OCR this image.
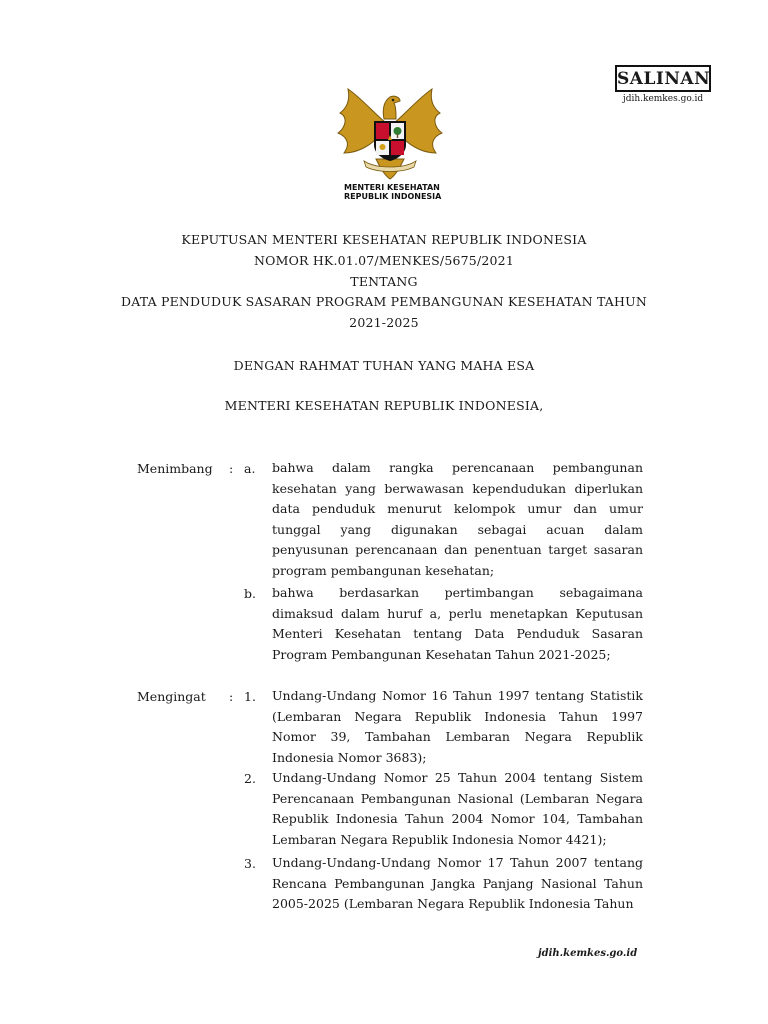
SALINAN
jdih.kemkes.go.id
MENTERI KESEHATAN
REPUBLIK INDONESIA
KEPUTUSAN MENTERI KESEHATAN REPUBLIK INDONESIA
NOMOR HK.01.07/MENKES/5675/2021
TENTANG
DATA PENDUDUK SASARAN PROGRAM PEMBANGUNAN KESEHATAN TAHUN
2021-2025
DENGAN RAHMAT TUHAN YANG MAHA ESA
MENTERI KESEHATAN REPUBLIK INDONESIA,
Menimbang : a. bahwa dalam rangka perencanaan pembangunan kesehatan yang berwawasan kependudukan diperlukan data penduduk menurut kelompok umur dan umur tunggal yang digunakan sebagai acuan dalam penyusunan perencanaan dan penentuan target sasaran program pembangunan kesehatan;
b. bahwa berdasarkan pertimbangan sebagaimana dimaksud dalam huruf a, perlu menetapkan Keputusan Menteri Kesehatan tentang Data Penduduk Sasaran Program Pembangunan Kesehatan Tahun 2021-2025;
Mengingat : 1. Undang-Undang Nomor 16 Tahun 1997 tentang Statistik (Lembaran Negara Republik Indonesia Tahun 1997 Nomor 39, Tambahan Lembaran Negara Republik Indonesia Nomor 3683);
2. Undang-Undang Nomor 25 Tahun 2004 tentang Sistem Perencanaan Pembangunan Nasional (Lembaran Negara Republik Indonesia Tahun 2004 Nomor 104, Tambahan Lembaran Negara Republik Indonesia Nomor 4421);
3. Undang-Undang-Undang Nomor 17 Tahun 2007 tentang Rencana Pembangunan Jangka Panjang Nasional Tahun 2005-2025 (Lembaran Negara Republik Indonesia Tahun
jdih.kemkes.go.id
